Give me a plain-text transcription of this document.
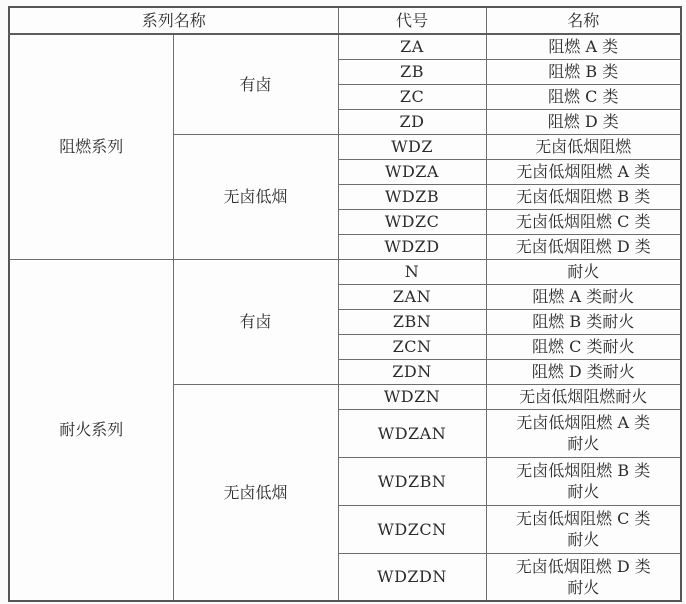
系列名称		代号	名称
阻燃系列	有卤	ZA	阻燃 A 类
		ZB	阻燃 B 类
		ZC	阻燃 C 类
		ZD	阻燃 D 类
	无卤低烟	WDZ	无卤低烟阻燃
		WDZA	无卤低烟阻燃 A 类
		WDZB	无卤低烟阻燃 B 类
		WDZC	无卤低烟阻燃 C 类
		WDZD	无卤低烟阻燃 D 类
耐火系列	有卤	N	耐火
		ZAN	阻燃 A 类耐火
		ZBN	阻燃 B 类耐火
		ZCN	阻燃 C 类耐火
		ZDN	阻燃 D 类耐火
	无卤低烟	WDZN	无卤低烟阻燃耐火
		WDZAN	无卤低烟阻燃 A 类耐火
		WDZBN	无卤低烟阻燃 B 类耐火
		WDZCN	无卤低烟阻燃 C 类耐火
		WDZDN	无卤低烟阻燃 D 类耐火
